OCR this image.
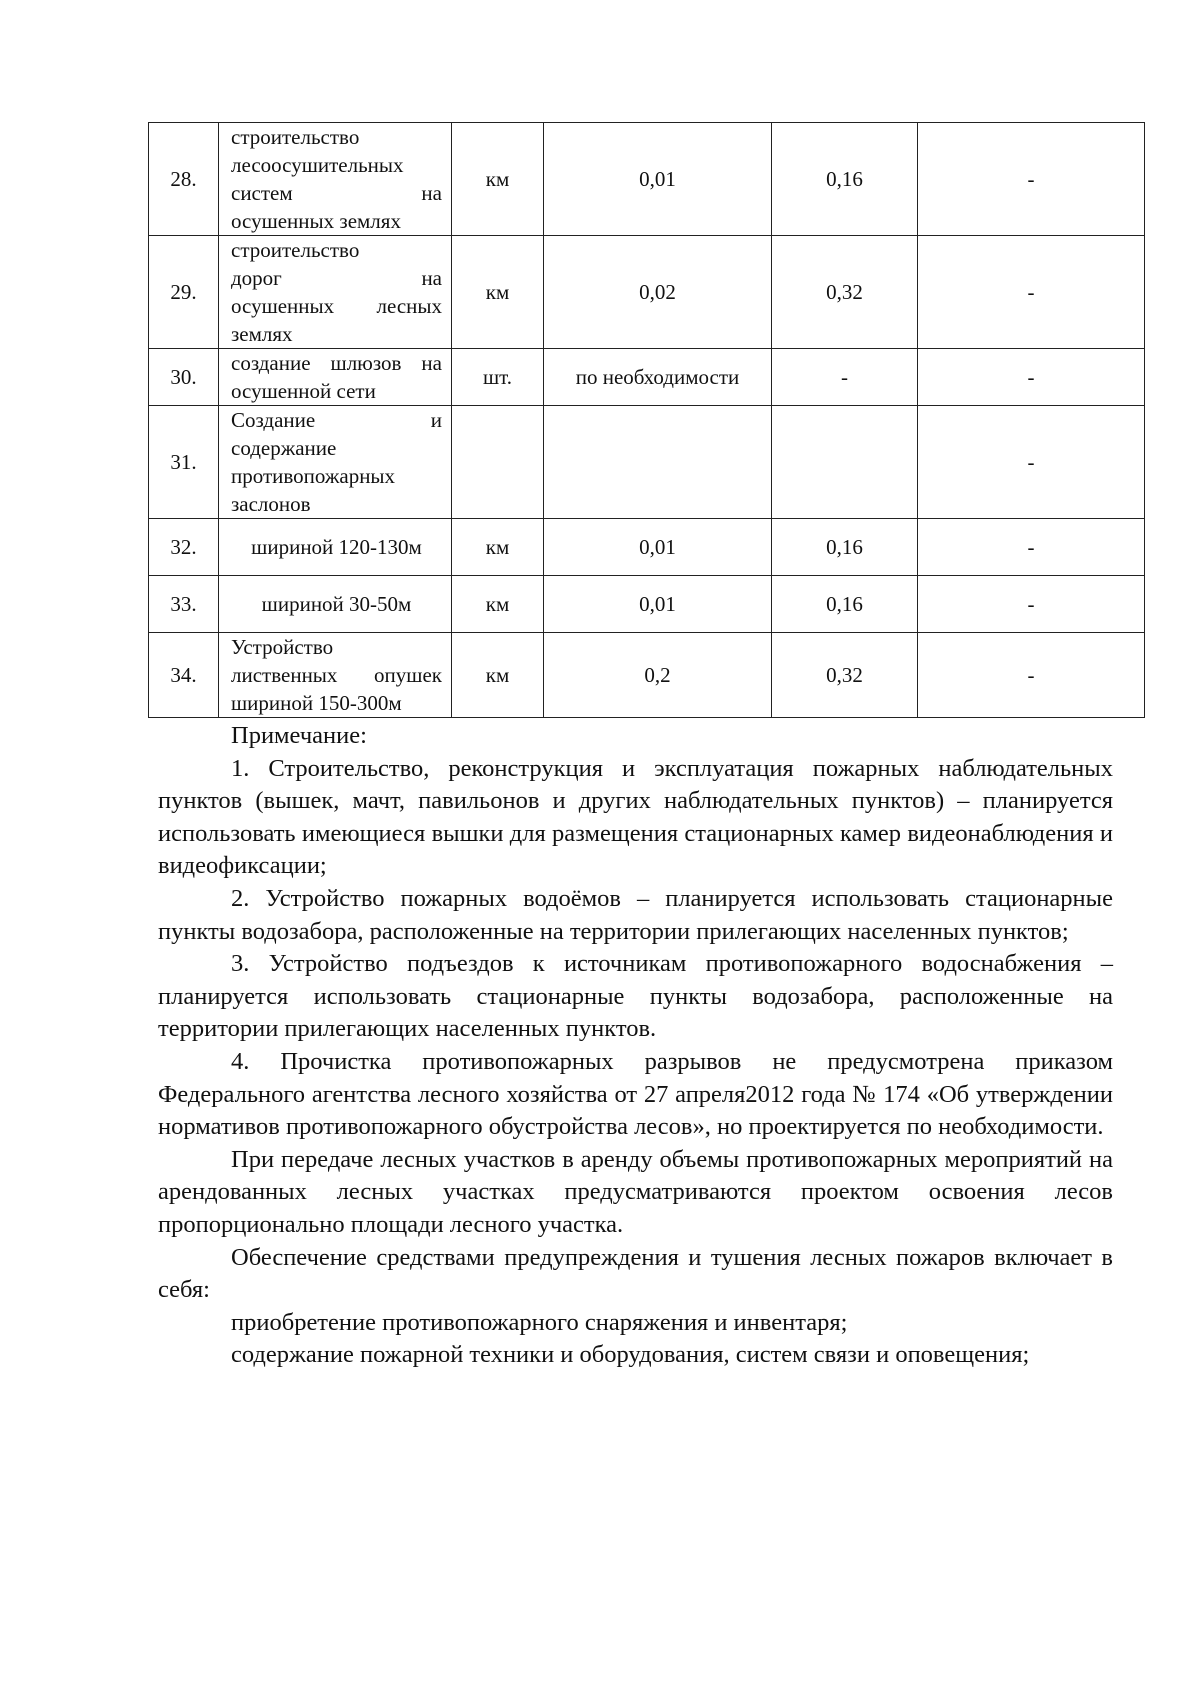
28.	строительство
лесоосушительных
систем на
осушенных землях	км	0,01	0,16	-
29.	строительство
дорог на
осушенных лесных
землях	км	0,02	0,32	-
30.	создание шлюзов на
осушенной сети	шт.	по необходимости	-	-
31.	Создание и
содержание
противопожарных
заслонов				-
32.	шириной 120-130м	км	0,01	0,16	-
33.	шириной 30-50м	км	0,01	0,16	-
34.	Устройство
лиственных опушек
шириной 150-300м	км	0,2	0,32	-

Примечание:

1. Строительство, реконструкция и эксплуатация пожарных наблюдательных пунктов (вышек, мачт, павильонов и других наблюдательных пунктов) – планируется использовать имеющиеся вышки для размещения стационарных камер видеонаблюдения и видеофиксации;

2. Устройство пожарных водоёмов – планируется использовать стационарные пункты водозабора, расположенные на территории прилегающих населенных пунктов;

3. Устройство подъездов к источникам противопожарного водоснабжения – планируется использовать стационарные пункты водозабора, расположенные на территории прилегающих населенных пунктов.

4. Прочистка противопожарных разрывов не предусмотрена приказом Федерального агентства лесного хозяйства от 27 апреля2012 года № 174 «Об утверждении нормативов противопожарного обустройства лесов», но проектируется по необходимости.

При передаче лесных участков в аренду объемы противопожарных мероприятий на арендованных лесных участках предусматриваются проектом освоения лесов пропорционально площади лесного участка.

Обеспечение средствами предупреждения и тушения лесных пожаров включает в себя:

приобретение противопожарного снаряжения и инвентаря;

содержание пожарной техники и оборудования, систем связи и оповещения;
